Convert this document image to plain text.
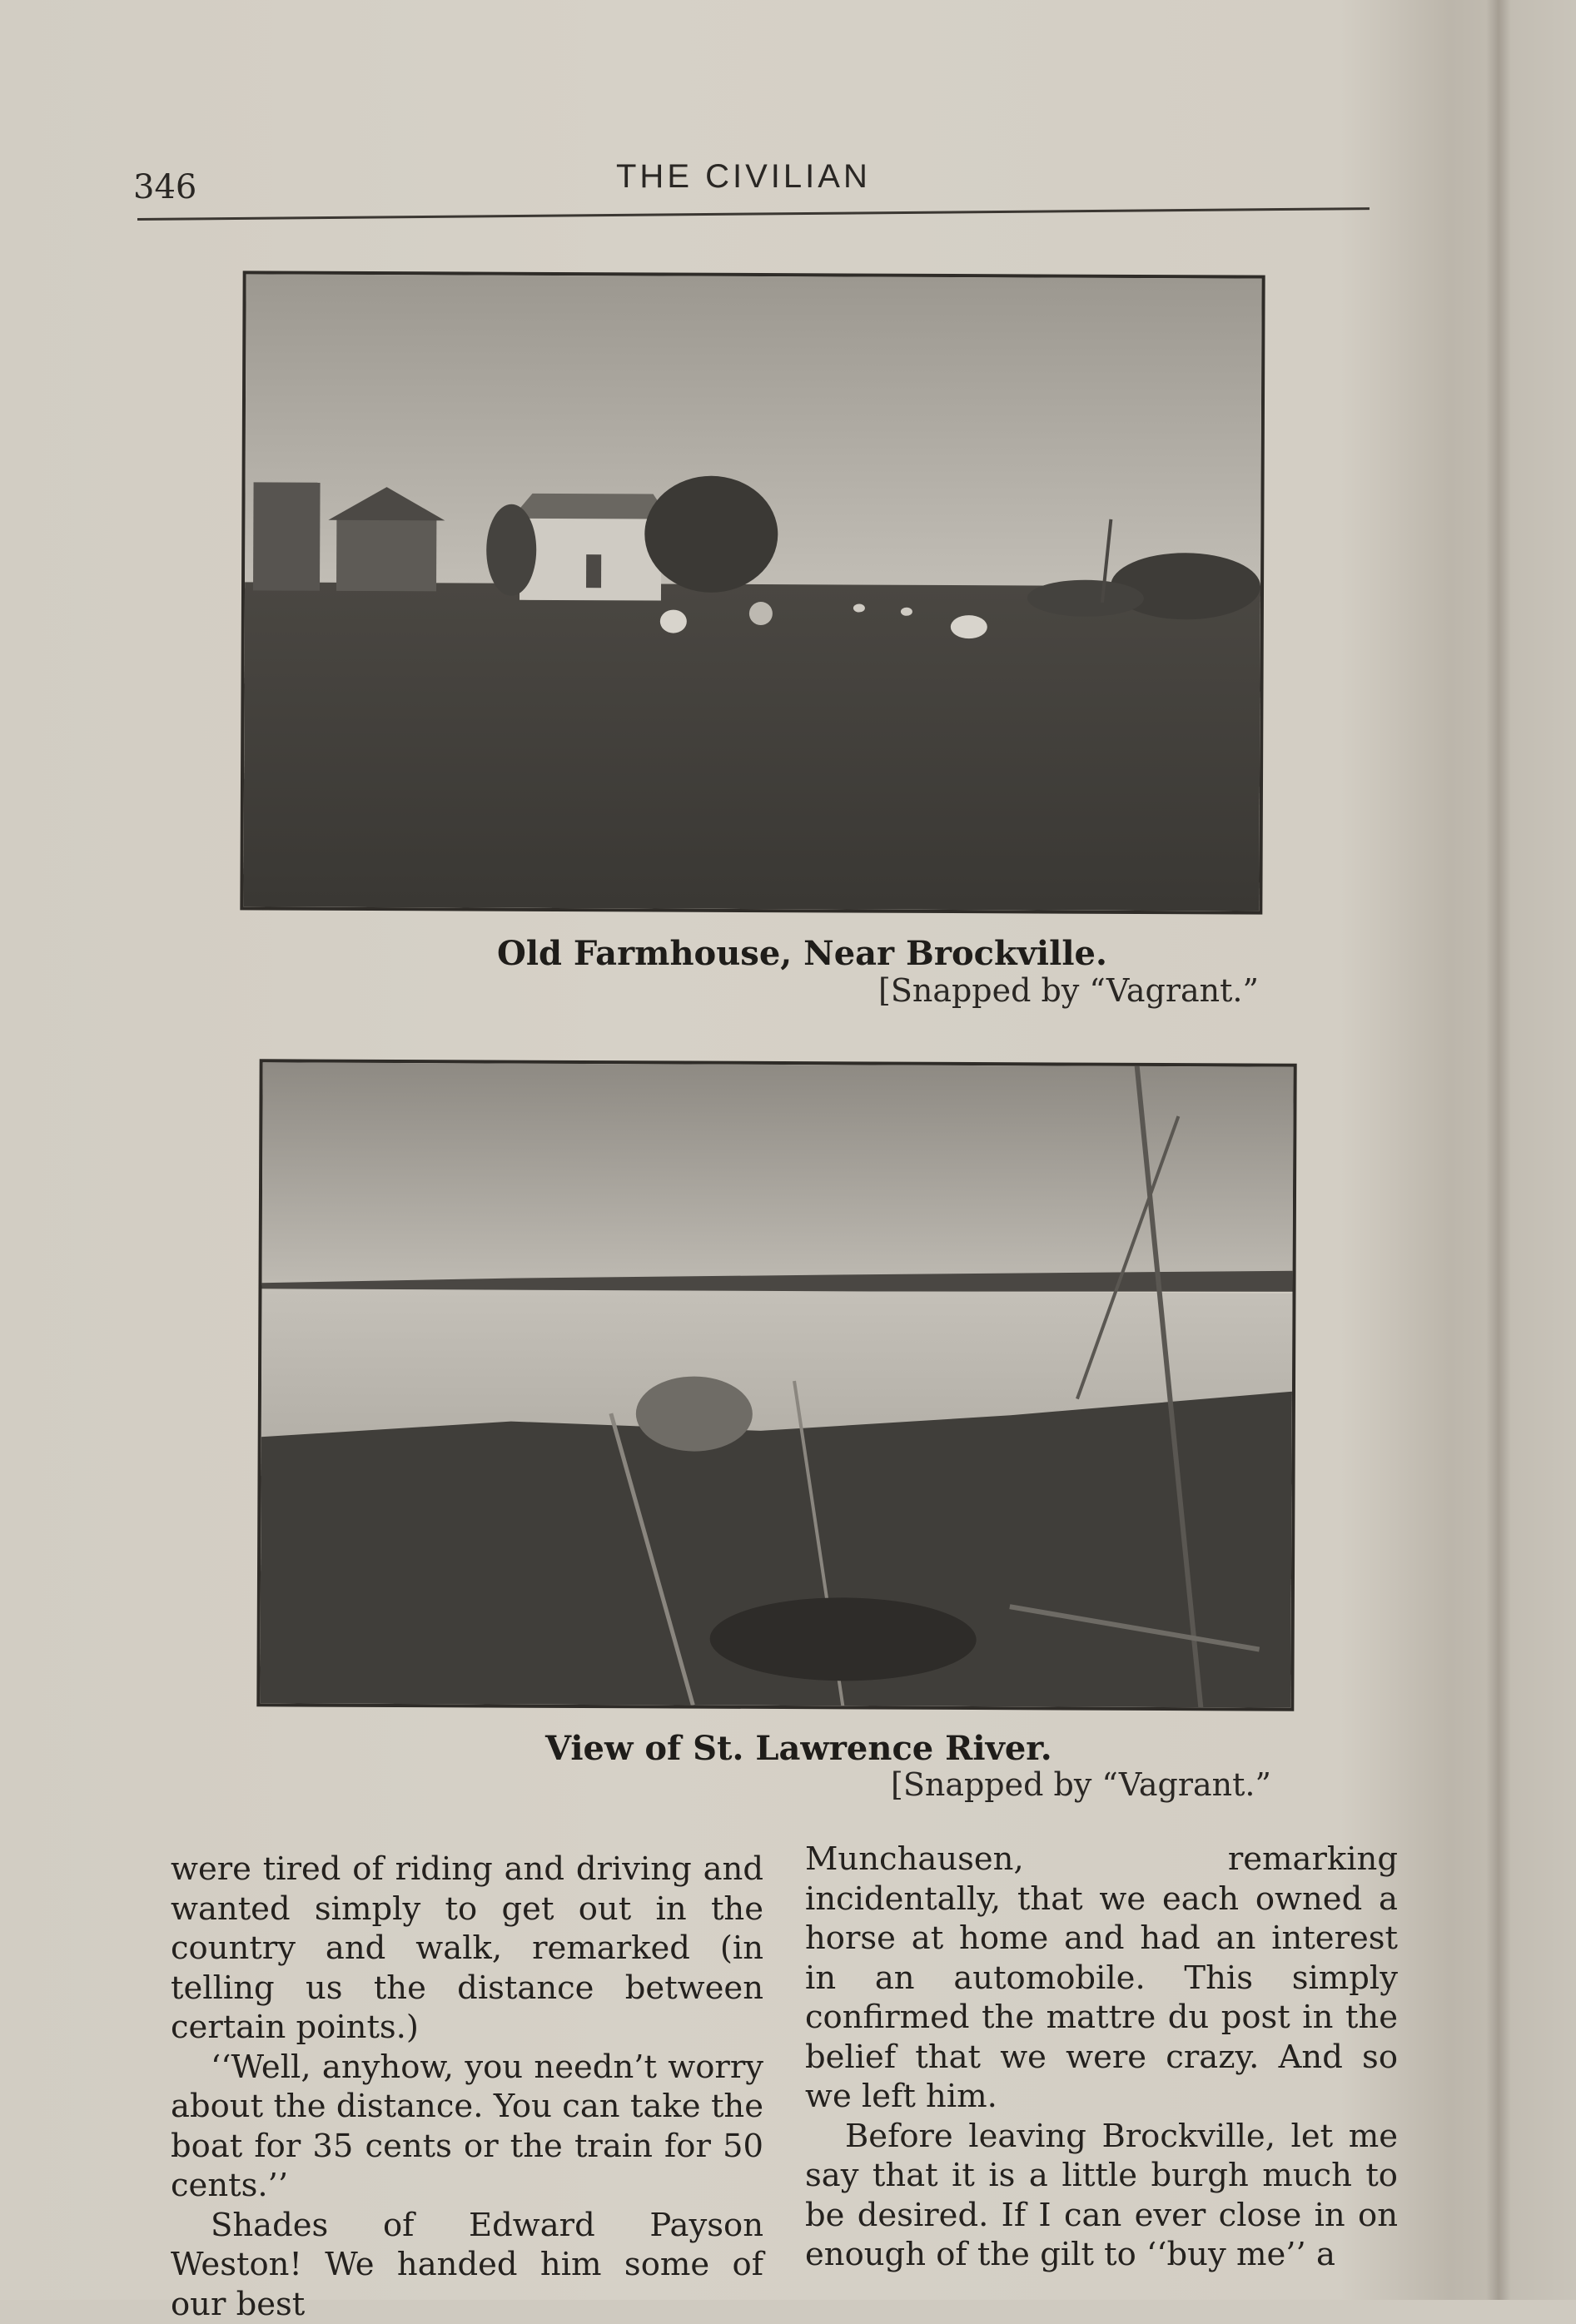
346	THE CIVILIAN
Old Farmhouse, Near Brockville.
[Snapped by “Vagrant.”
View of St. Lawrence River.
[Snapped by “Vagrant.”

were tired of riding and driving and wanted simply to get out in the country and walk, remarked (in telling us the distance between certain points.)

‘‘Well, anyhow, you needn’t worry about the distance. You can take the boat for 35 cents or the train for 50 cents.’’

Shades of Edward Payson Weston! We handed him some of our best

Munchausen, remarking incidentally, that we each owned a horse at home and had an interest in an automobile. This simply confirmed the mattre du post in the belief that we were crazy. And so we left him.

Before leaving Brockville, let me say that it is a little burgh much to be desired. If I can ever close in on enough of the gilt to ‘‘buy me’’ a
